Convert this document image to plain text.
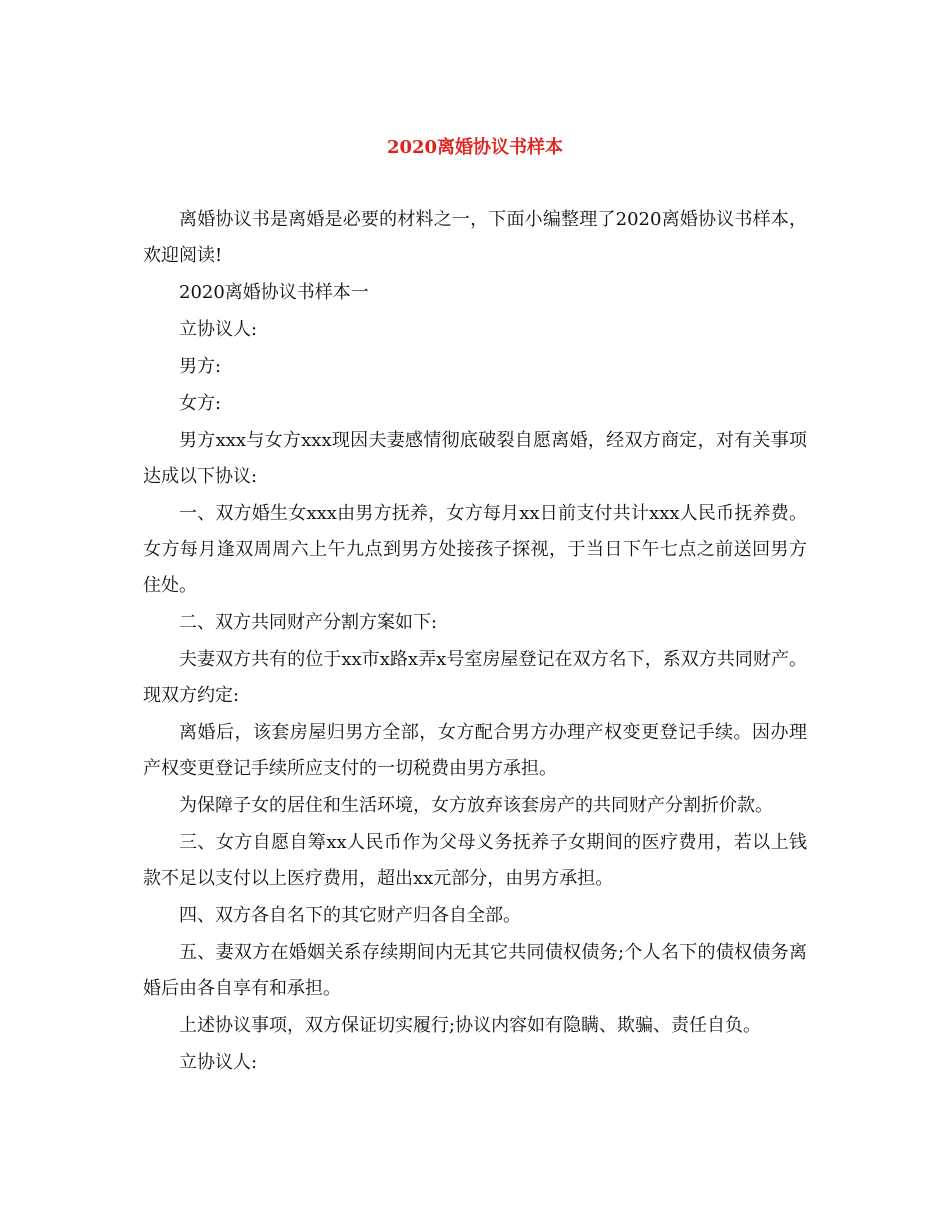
2020离婚协议书样本

离婚协议书是离婚是必要的材料之一，下面小编整理了2020离婚协议书样本，欢迎阅读!

2020离婚协议书样本一

立协议人:

男方:

女方:

男方xxx与女方xxx现因夫妻感情彻底破裂自愿离婚，经双方商定，对有关事项达成以下协议:

一、双方婚生女xxx由男方抚养，女方每月xx日前支付共计xxx人民币抚养费。女方每月逢双周周六上午九点到男方处接孩子探视，于当日下午七点之前送回男方住处。

二、双方共同财产分割方案如下:

夫妻双方共有的位于xx市x路x弄x号室房屋登记在双方名下，系双方共同财产。现双方约定:

离婚后，该套房屋归男方全部，女方配合男方办理产权变更登记手续。因办理产权变更登记手续所应支付的一切税费由男方承担。

为保障子女的居住和生活环境，女方放弃该套房产的共同财产分割折价款。

三、女方自愿自筹xx人民币作为父母义务抚养子女期间的医疗费用，若以上钱款不足以支付以上医疗费用，超出xx元部分，由男方承担。

四、双方各自名下的其它财产归各自全部。

五、妻双方在婚姻关系存续期间内无其它共同债权债务;个人名下的债权债务离婚后由各自享有和承担。

上述协议事项，双方保证切实履行;协议内容如有隐瞒、欺骗、责任自负。

立协议人:
